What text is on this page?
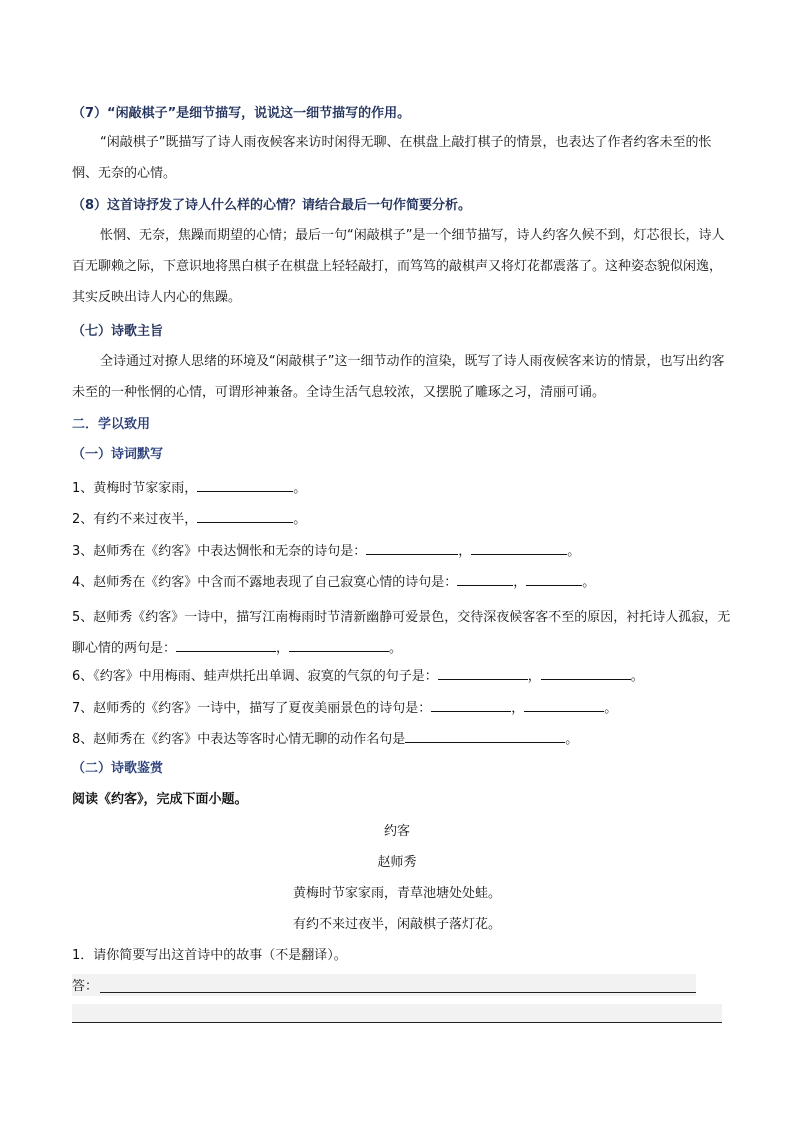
（7）“闲敲棋子”是细节描写，说说这一细节描写的作用。
“闲敲棋子”既描写了诗人雨夜候客来访时闲得无聊、在棋盘上敲打棋子的情景，也表达了作者约客未至的怅惘、无奈的心情。
（8）这首诗抒发了诗人什么样的心情？请结合最后一句作简要分析。
怅惘、无奈，焦躁而期望的心情；最后一句“闲敲棋子”是一个细节描写，诗人约客久候不到，灯芯很长，诗人百无聊赖之际，下意识地将黑白棋子在棋盘上轻轻敲打，而笃笃的敲棋声又将灯花都震落了。这种姿态貌似闲逸，其实反映出诗人内心的焦躁。
（七）诗歌主旨
全诗通过对撩人思绪的环境及“闲敲棋子”这一细节动作的渲染，既写了诗人雨夜候客来访的情景，也写出约客未至的一种怅惘的心情，可谓形神兼备。全诗生活气息较浓，又摆脱了雕琢之习，清丽可诵。
二．学以致用
（一）诗词默写
1、黄梅时节家家雨，	。
2、有约不来过夜半，	。
3、赵师秀在《约客》中表达惆怅和无奈的诗句是：	，	。
4、赵师秀在《约客》中含而不露地表现了自己寂寞心情的诗句是：	，	。
5、赵师秀《约客》一诗中，描写江南梅雨时节清新幽静可爱景色，交待深夜候客客不至的原因，衬托诗人孤寂，无聊心情的两句是：	，	。
6、《约客》中用梅雨、蛙声烘托出单调、寂寞的气氛的句子是：	，	。
7、赵师秀的《约客》一诗中，描写了夏夜美丽景色的诗句是：	，	。
8、赵师秀在《约客》中表达等客时心情无聊的动作名句是	。
（二）诗歌鉴赏
阅读《约客》，完成下面小题。
约客
赵师秀
黄梅时节家家雨，青草池塘处处蛙。
有约不来过夜半，闲敲棋子落灯花。
1．请你简要写出这首诗中的故事（不是翻译）。
答：
